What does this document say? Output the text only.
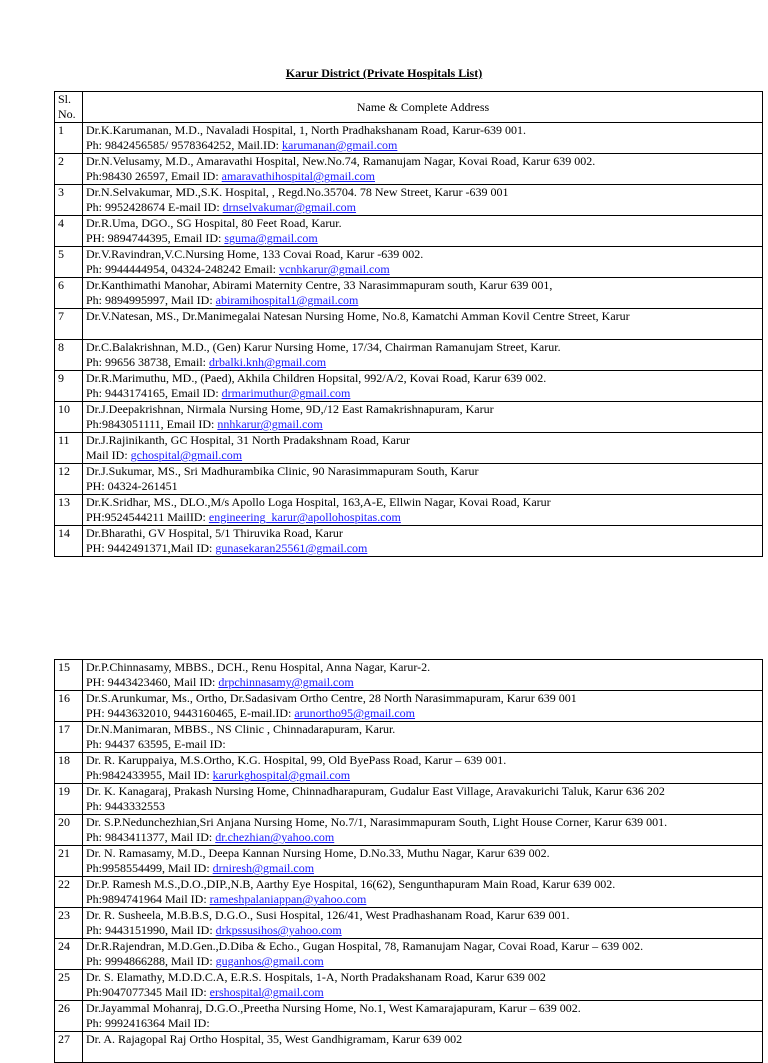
Karur District (Private Hospitals List)
Sl.
No.	Name & Complete Address
1	Dr.K.Karumanan, M.D., Navaladi Hospital, 1, North Pradhakshanam Road, Karur-639 001.
Ph: 9842456585/ 9578364252, Mail.ID: karumanan@gmail.com

2	Dr.N.Velusamy, M.D., Amaravathi Hospital, New.No.74, Ramanujam Nagar, Kovai Road, Karur 639 002.
Ph:98430 26597, Email ID: amaravathihospital@gmail.com

3	Dr.N.Selvakumar, MD.,S.K. Hospital, , Regd.No.35704. 78 New Street, Karur -639 001
Ph: 9952428674 E-mail ID: drnselvakumar@gmail.com

4	Dr.R.Uma, DGO., SG Hospital, 80 Feet Road, Karur.
PH: 9894744395, Email ID: sguma@gmail.com

5	Dr.V.Ravindran,V.C.Nursing Home, 133 Covai Road, Karur -639 002.
Ph: 9944444954, 04324-248242 Email: vcnhkarur@gmail.com

6	Dr.Kanthimathi Manohar, Abirami Maternity Centre, 33 Narasimmapuram south, Karur 639 001,
Ph: 9894995997, Mail ID: abiramihospital1@gmail.com

7	Dr.V.Natesan, MS., Dr.Manimegalai Natesan Nursing Home, No.8, Kamatchi Amman Kovil Centre Street, Karur

8	Dr.C.Balakrishnan, M.D., (Gen) Karur Nursing Home, 17/34, Chairman Ramanujam Street, Karur.
Ph: 99656 38738, Email: drbalki.knh@gmail.com

9	Dr.R.Marimuthu, MD., (Paed), Akhila Children Hopsital, 992/A/2, Kovai Road, Karur 639 002.
Ph: 9443174165, Email ID: drmarimuthur@gmail.com

10	Dr.J.Deepakrishnan, Nirmala Nursing Home, 9D,/12 East Ramakrishnapuram, Karur
Ph:9843051111, Email ID: nnhkarur@gmail.com

11	Dr.J.Rajinikanth, GC Hospital, 31 North Pradakshnam Road, Karur
Mail ID: gchospital@gmail.com

12	Dr.J.Sukumar, MS., Sri Madhurambika Clinic, 90 Narasimmapuram South, Karur
PH: 04324-261451

13	Dr.K.Sridhar, MS., DLO.,M/s Apollo Loga Hospital, 163,A-E, Ellwin Nagar, Kovai Road, Karur
PH:9524544211 MailID: engineering_karur@apollohospitas.com

14	Dr.Bharathi, GV Hospital, 5/1 Thiruvika Road, Karur
PH: 9442491371,Mail ID: gunasekaran25561@gmail.com
15	Dr.P.Chinnasamy, MBBS., DCH., Renu Hospital, Anna Nagar, Karur-2.
PH: 9443423460, Mail ID: drpchinnasamy@gmail.com

16	Dr.S.Arunkumar, Ms., Ortho, Dr.Sadasivam Ortho Centre, 28 North Narasimmapuram, Karur 639 001
PH: 9443632010, 9443160465, E-mail.ID: arunortho95@gmail.com

17	Dr.N.Manimaran, MBBS., NS Clinic , Chinnadarapuram, Karur.
Ph: 94437 63595, E-mail ID:

18	Dr. R. Karuppaiya, M.S.Ortho, K.G. Hospital, 99, Old ByePass Road, Karur – 639 001.
Ph:9842433955, Mail ID: karurkghospital@gmail.com

19	Dr. K. Kanagaraj, Prakash Nursing Home, Chinnadharapuram, Gudalur East Village, Aravakurichi Taluk, Karur 636 202
Ph: 9443332553

20	Dr. S.P.Nedunchezhian,Sri Anjana Nursing Home, No.7/1, Narasimmapuram South, Light House Corner, Karur 639 001.
Ph: 9843411377, Mail ID: dr.chezhian@yahoo.com

21	Dr. N. Ramasamy, M.D., Deepa Kannan Nursing Home, D.No.33, Muthu Nagar, Karur 639 002.
Ph:9958554499, Mail ID: drniresh@gmail.com

22	Dr.P. Ramesh M.S.,D.O.,DIP.,N.B, Aarthy Eye Hospital, 16(62), Sengunthapuram Main Road, Karur 639 002.
Ph:9894741964 Mail ID: rameshpalaniappan@yahoo.com

23	Dr. R. Susheela, M.B.B.S, D.G.O., Susi Hospital, 126/41, West Pradhashanam Road, Karur 639 001.
Ph: 9443151990, Mail ID: drkpssusihos@yahoo.com

24	Dr.R.Rajendran, M.D.Gen.,D.Diba & Echo., Gugan Hospital, 78, Ramanujam Nagar, Covai Road, Karur – 639 002.
Ph: 9994866288, Mail ID: guganhos@gmail.com

25	Dr. S. Elamathy, M.D.D.C.A, E.R.S. Hospitals, 1-A, North Pradakshanam Road, Karur 639 002
Ph:9047077345 Mail ID: ershospital@gmail.com

26	Dr.Jayammal Mohanraj, D.G.O.,Preetha Nursing Home, No.1, West Kamarajapuram, Karur – 639 002.
Ph: 9992416364 Mail ID:

27	Dr. A. Rajagopal Raj Ortho Hospital, 35, West Gandhigramam, Karur 639 002
